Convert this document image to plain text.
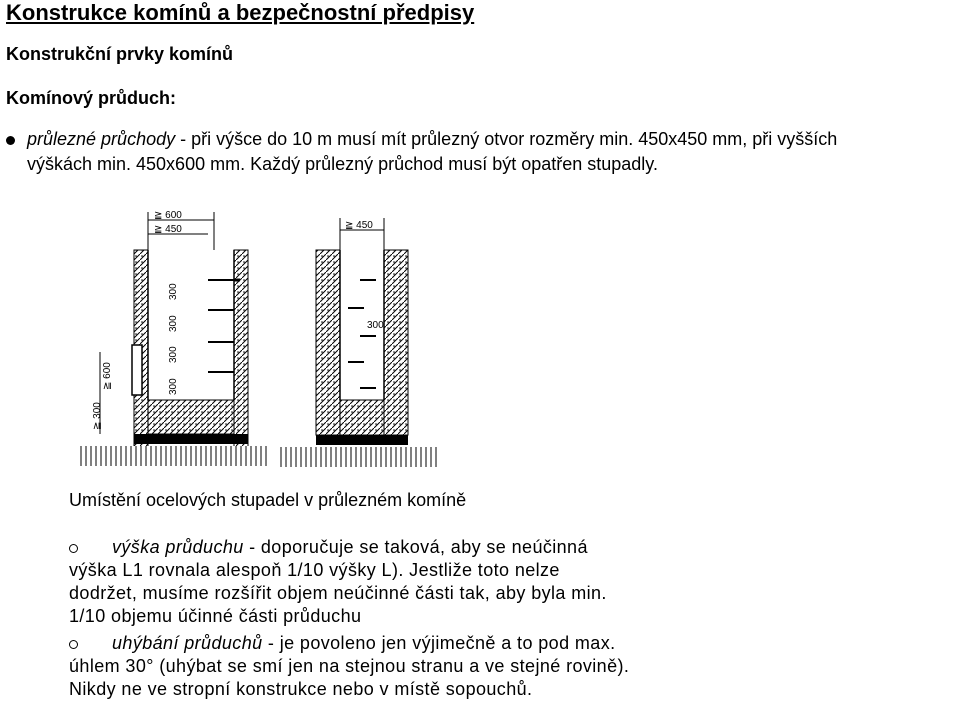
Konstrukce komínů a bezpečnostní předpisy
Konstrukční prvky komínů
Komínový průduch:
průlezné průchody - při výšce do 10 m musí mít průlezný otvor rozměry min. 450x450 mm, při vyšších
výškách min. 450x600 mm. Každý průlezný průchod musí být opatřen stupadly.
≧ 600
≧ 450
300
300
300
300
≧ 600
≧ 300
≧ 450
300
Umístění ocelových stupadel v průlezném komíně
výška průduchu - doporučuje se taková, aby se neúčinná
výška L1 rovnala alespoň 1/10 výšky L). Jestliže toto nelze
dodržet, musíme rozšířit objem neúčinné části tak, aby byla min.
1/10 objemu účinné části průduchu
uhýbání průduchů - je povoleno jen výjimečně a to pod max.
úhlem 30° (uhýbat se smí jen na stejnou stranu a ve stejné rovině).
Nikdy ne ve stropní konstrukce nebo v místě sopouchů.
